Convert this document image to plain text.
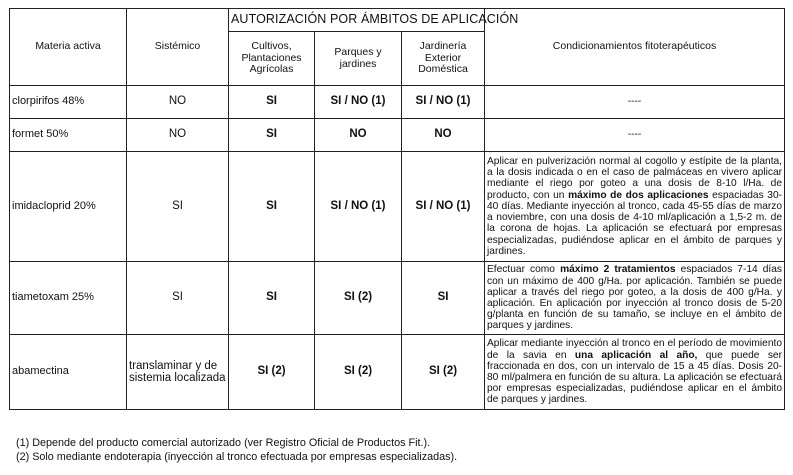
Materia activa	Sistémico	AUTORIZACIÓN POR ÁMBITOS DE APLICACIÓN			Condicionamientos fitoterapéuticos
		Cultivos, Plantaciones Agrícolas	Parques y jardines	Jardinería Exterior Doméstica	
clorpirifos 48%	NO	SI	SI / NO (1)	SI / NO (1)	----
formet 50%	NO	SI	NO	NO	----
imidacloprid 20%	SI	SI	SI / NO (1)	SI / NO (1)	Aplicar en pulverización normal al cogollo y estípite de la planta, a la dosis indicada o en el caso de palmáceas en vivero aplicar mediante el riego por goteo a una dosis de 8-10 l/Ha. de producto, con un máximo de dos aplicaciones espaciadas 30-40 días. Mediante inyección al tronco, cada 45-55 días de marzo a noviembre, con una dosis de 4-10 ml/aplicación a 1,5-2 m. de la corona de hojas. La aplicación se efectuará por empresas especializadas, pudiéndose aplicar en el ámbito de parques y jardines.
tiametoxam 25%	SI	SI	SI (2)	SI	Efectuar como máximo 2 tratamientos espaciados 7-14 días con un máximo de 400 g/Ha. por aplicación. También se puede aplicar a través del riego por goteo, a la dosis de 400 g/Ha. y aplicación. En aplicación por inyección al tronco dosis de 5-20 g/planta en función de su tamaño, se incluye en el ámbito de parques y jardines.
abamectina	translaminar y de sistemia localizada	SI (2)	SI (2)	SI (2)	Aplicar mediante inyección al tronco en el período de movimiento de la savia en una aplicación al año, que puede ser fraccionada en dos, con un intervalo de 15 a 45 días. Dosis 20-80 ml/palmera en función de su altura. La aplicación se efectuará por empresas especializadas, pudiéndose aplicar en el ámbito de parques y jardines.
(1) Depende del producto comercial autorizado (ver Registro Oficial de Productos Fit.).
(2) Solo mediante endoterapia (inyección al tronco efectuada por empresas especializadas).
